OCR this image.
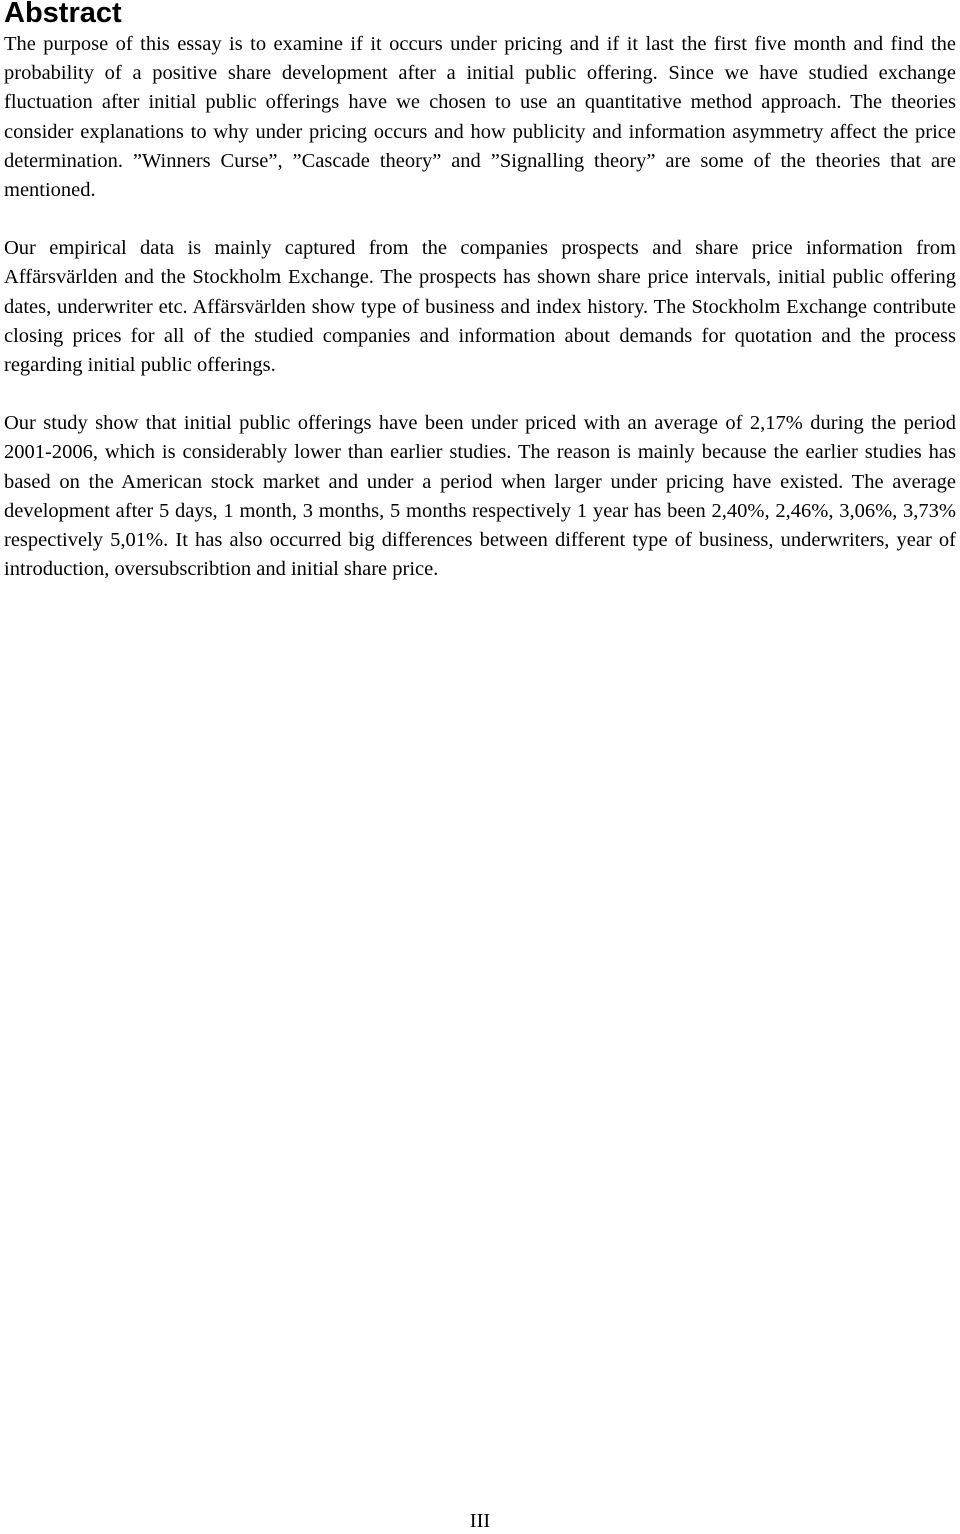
Abstract

The purpose of this essay is to examine if it occurs under pricing and if it last the first five month and find the probability of a positive share development after a initial public offering. Since we have studied exchange fluctuation after initial public offerings have we chosen to use an quantitative method approach. The theories consider explanations to why under pricing occurs and how publicity and information asymmetry affect the price determination. ”Winners Curse”, ”Cascade theory” and ”Signalling theory” are some of the theories that are mentioned.

Our empirical data is mainly captured from the companies prospects and share price information from Affärsvärlden and the Stockholm Exchange. The prospects has shown share price intervals, initial public offering dates, underwriter etc. Affärsvärlden show type of business and index history. The Stockholm Exchange contribute closing prices for all of the studied companies and information about demands for quotation and the process regarding initial public offerings.

Our study show that initial public offerings have been under priced with an average of 2,17% during the period 2001-2006, which is considerably lower than earlier studies. The reason is mainly because the earlier studies has based on the American stock market and under a period when larger under pricing have existed. The average development after 5 days, 1 month, 3 months, 5 months respectively 1 year has been 2,40%, 2,46%, 3,06%, 3,73% respectively 5,01%. It has also occurred big differences between different type of business, underwriters, year of introduction, oversubscribtion and initial share price.

III
